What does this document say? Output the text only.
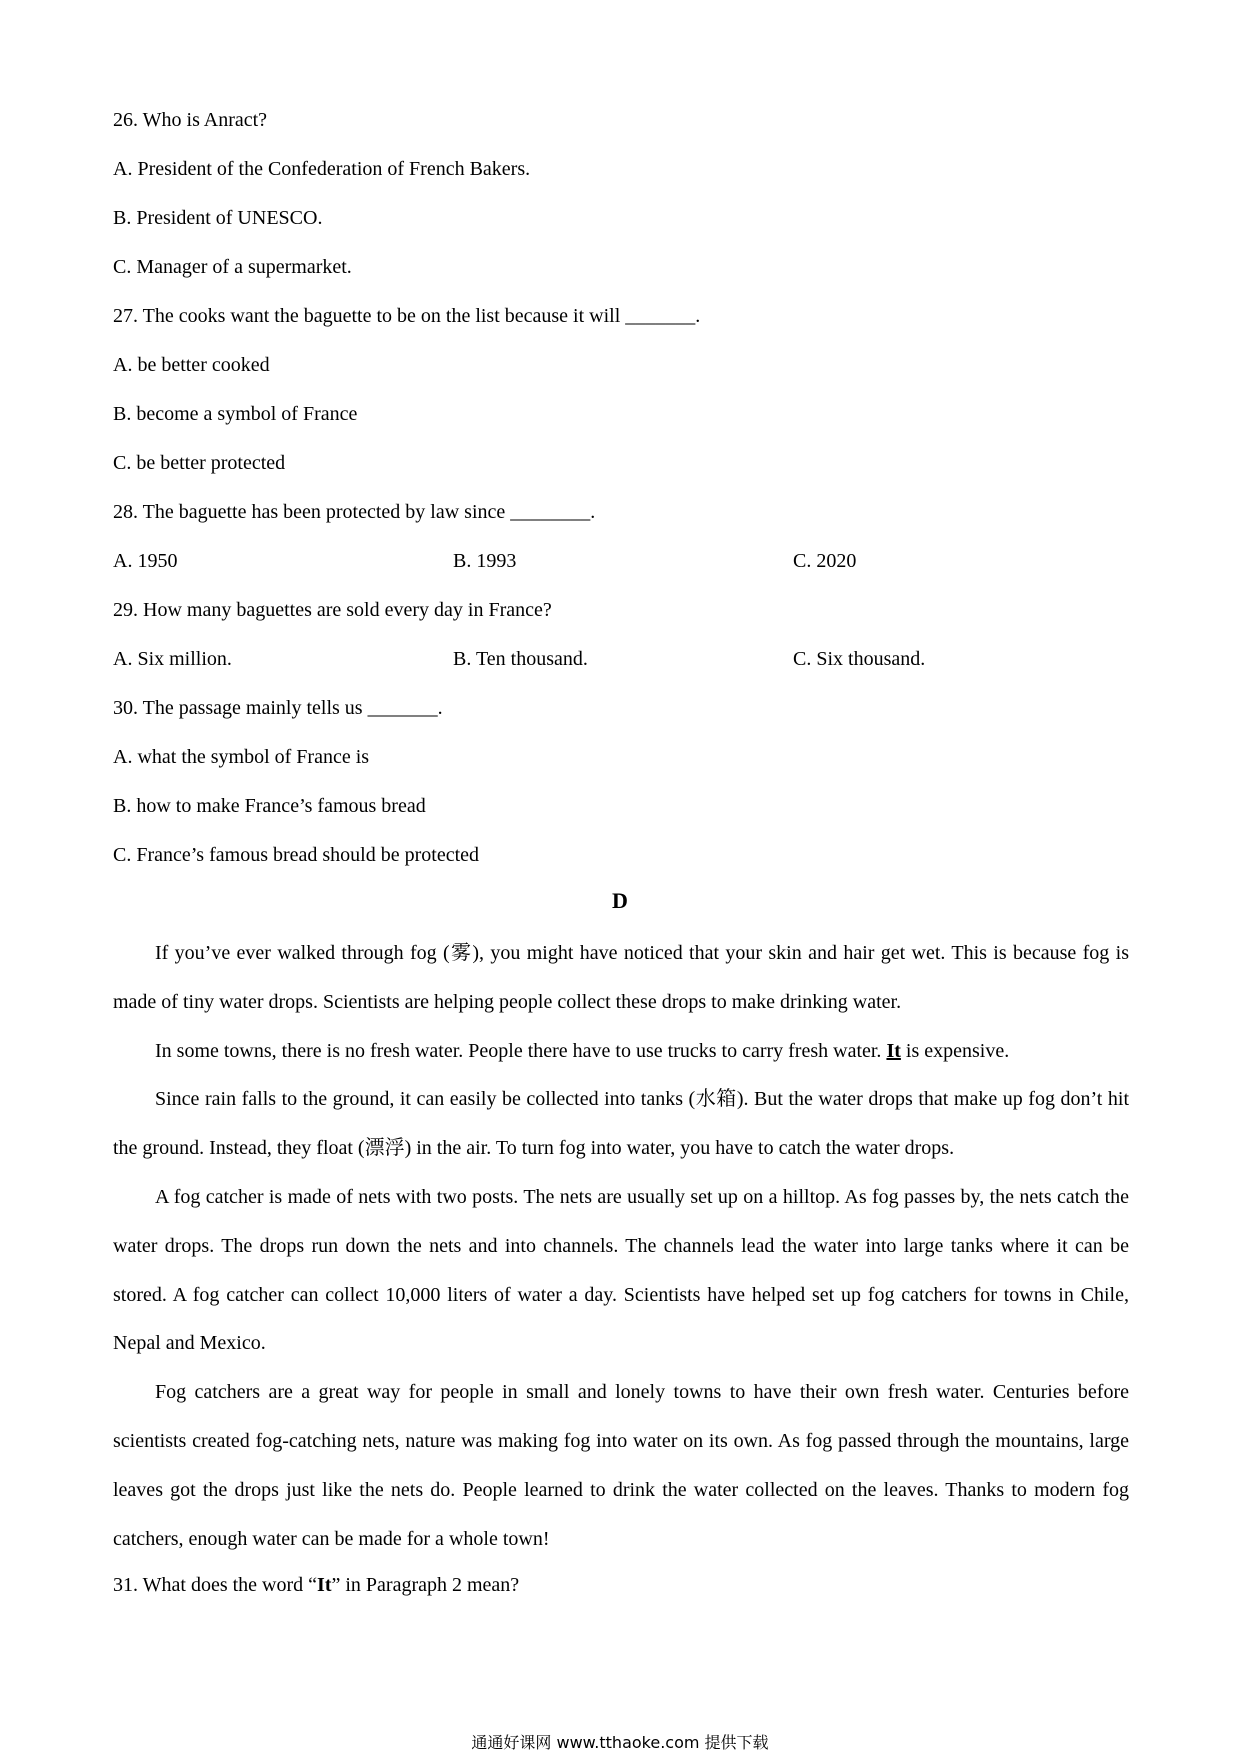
26. Who is Anract?
A. President of the Confederation of French Bakers.
B. President of UNESCO.
C. Manager of a supermarket.
27. The cooks want the baguette to be on the list because it will _______.
A. be better cooked
B. become a symbol of France
C. be better protected
28. The baguette has been protected by law since ________.
A. 1950	B. 1993	C. 2020
29. How many baguettes are sold every day in France?
A. Six million.	B. Ten thousand.	C. Six thousand.
30. The passage mainly tells us _______.
A. what the symbol of France is
B. how to make France’s famous bread
C. France’s famous bread should be protected
D

If you’ve ever walked through fog (雾), you might have noticed that your skin and hair get wet. This is because fog is made of tiny water drops. Scientists are helping people collect these drops to make drinking water.

In some towns, there is no fresh water. People there have to use trucks to carry fresh water. It is expensive.

Since rain falls to the ground, it can easily be collected into tanks (水箱). But the water drops that make up fog don’t hit the ground. Instead, they float (漂浮) in the air. To turn fog into water, you have to catch the water drops.

A fog catcher is made of nets with two posts. The nets are usually set up on a hilltop. As fog passes by, the nets catch the water drops. The drops run down the nets and into channels. The channels lead the water into large tanks where it can be stored. A fog catcher can collect 10,000 liters of water a day. Scientists have helped set up fog catchers for towns in Chile, Nepal and Mexico.

Fog catchers are a great way for people in small and lonely towns to have their own fresh water. Centuries before scientists created fog-catching nets, nature was making fog into water on its own. As fog passed through the mountains, large leaves got the drops just like the nets do. People learned to drink the water collected on the leaves. Thanks to modern fog catchers, enough water can be made for a whole town!

31. What does the word “It” in Paragraph 2 mean?
通通好课网 www.tthaoke.com 提供下载
